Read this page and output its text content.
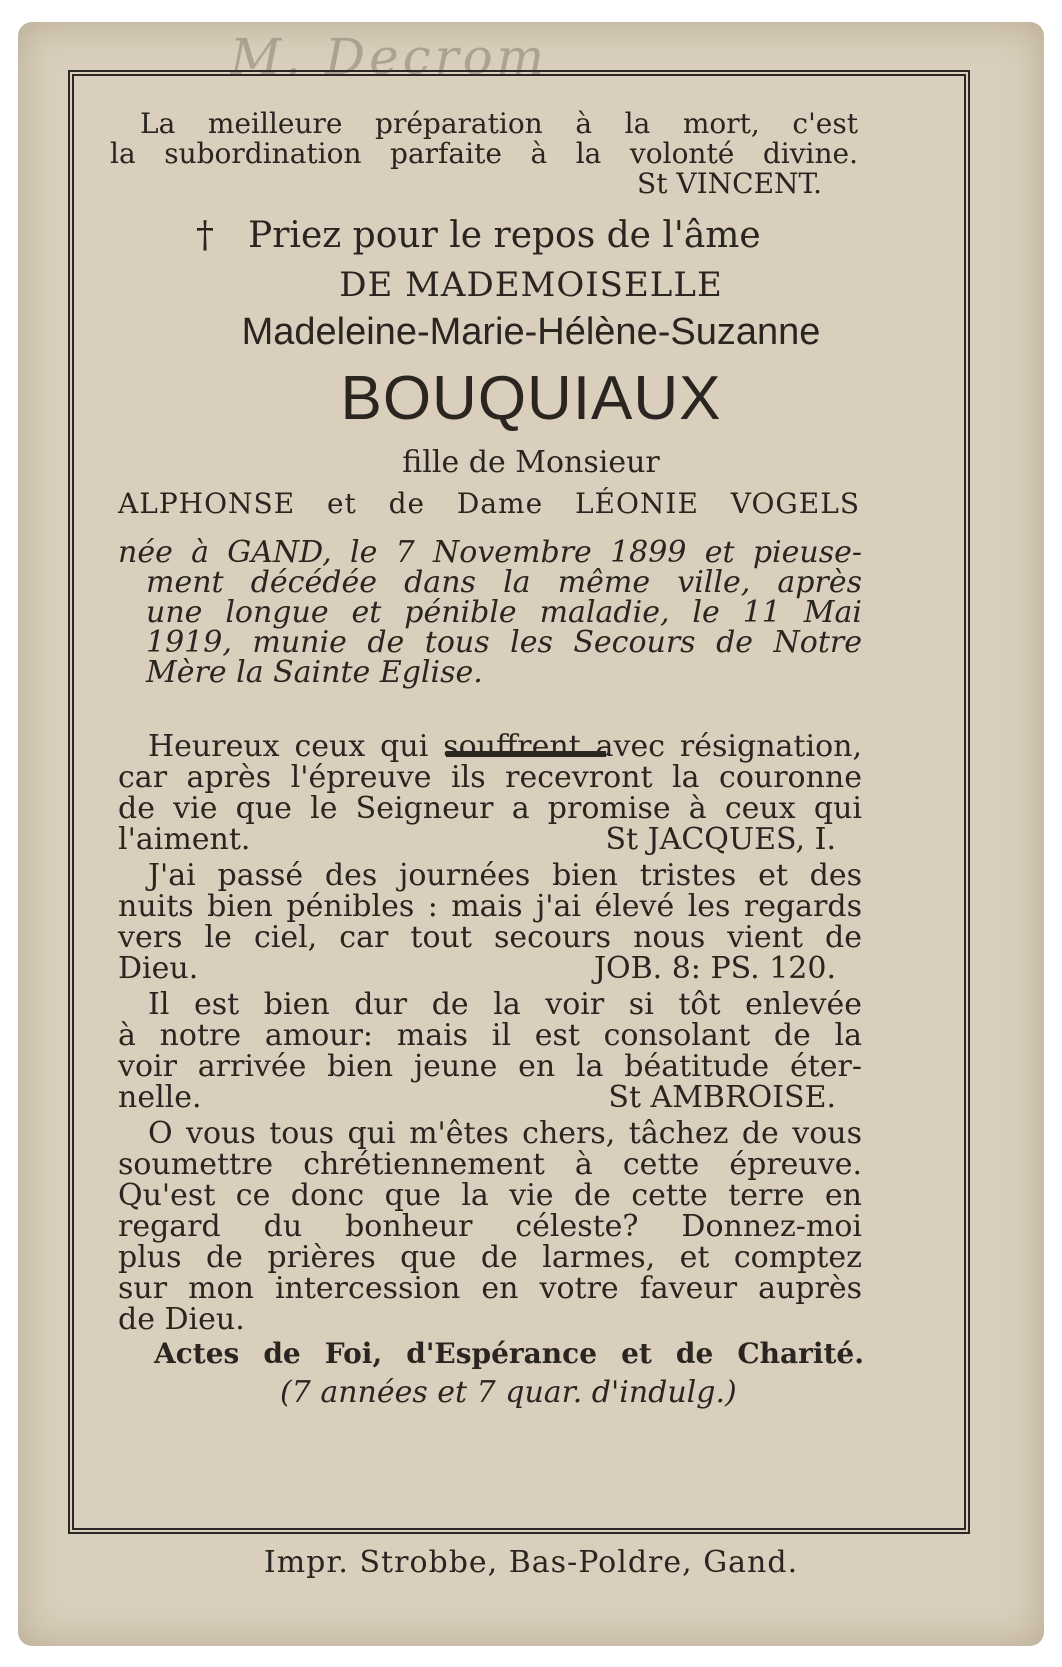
M. Decrom
La meilleure préparation à la mort, c'est
la subordination parfaite à la volonté divine.
St VINCENT.
† Priez pour le repos de l'âme
DE MADEMOISELLE
Madeleine-Marie-Hélène-Suzanne
BOUQUIAUX
fille de Monsieur
ALPHONSE et de Dame LÉONIE VOGELS
née à GAND, le 7 Novembre 1899 et pieuse-
ment décédée dans la même ville, après
une longue et pénible maladie, le 11 Mai
1919, munie de tous les Secours de Notre
Mère la Sainte Eglise.
Heureux ceux qui souffrent avec résignation,
car après l'épreuve ils recevront la couronne
de vie que le Seigneur a promise à ceux qui
l'aiment.	St JACQUES, I.
J'ai passé des journées bien tristes et des
nuits bien pénibles : mais j'ai élevé les regards
vers le ciel, car tout secours nous vient de
Dieu.	JOB. 8: PS. 120.
Il est bien dur de la voir si tôt enlevée
à notre amour: mais il est consolant de la
voir arrivée bien jeune en la béatitude éter-
nelle.	St AMBROISE.
O vous tous qui m'êtes chers, tâchez de vous
soumettre chrétiennement à cette épreuve.
Qu'est ce donc que la vie de cette terre en
regard du bonheur céleste? Donnez-moi
plus de prières que de larmes, et comptez
sur mon intercession en votre faveur auprès
de Dieu.
Actes de Foi, d'Espérance et de Charité.
(7 années et 7 quar. d'indulg.)
Impr. Strobbe, Bas-Poldre, Gand.
